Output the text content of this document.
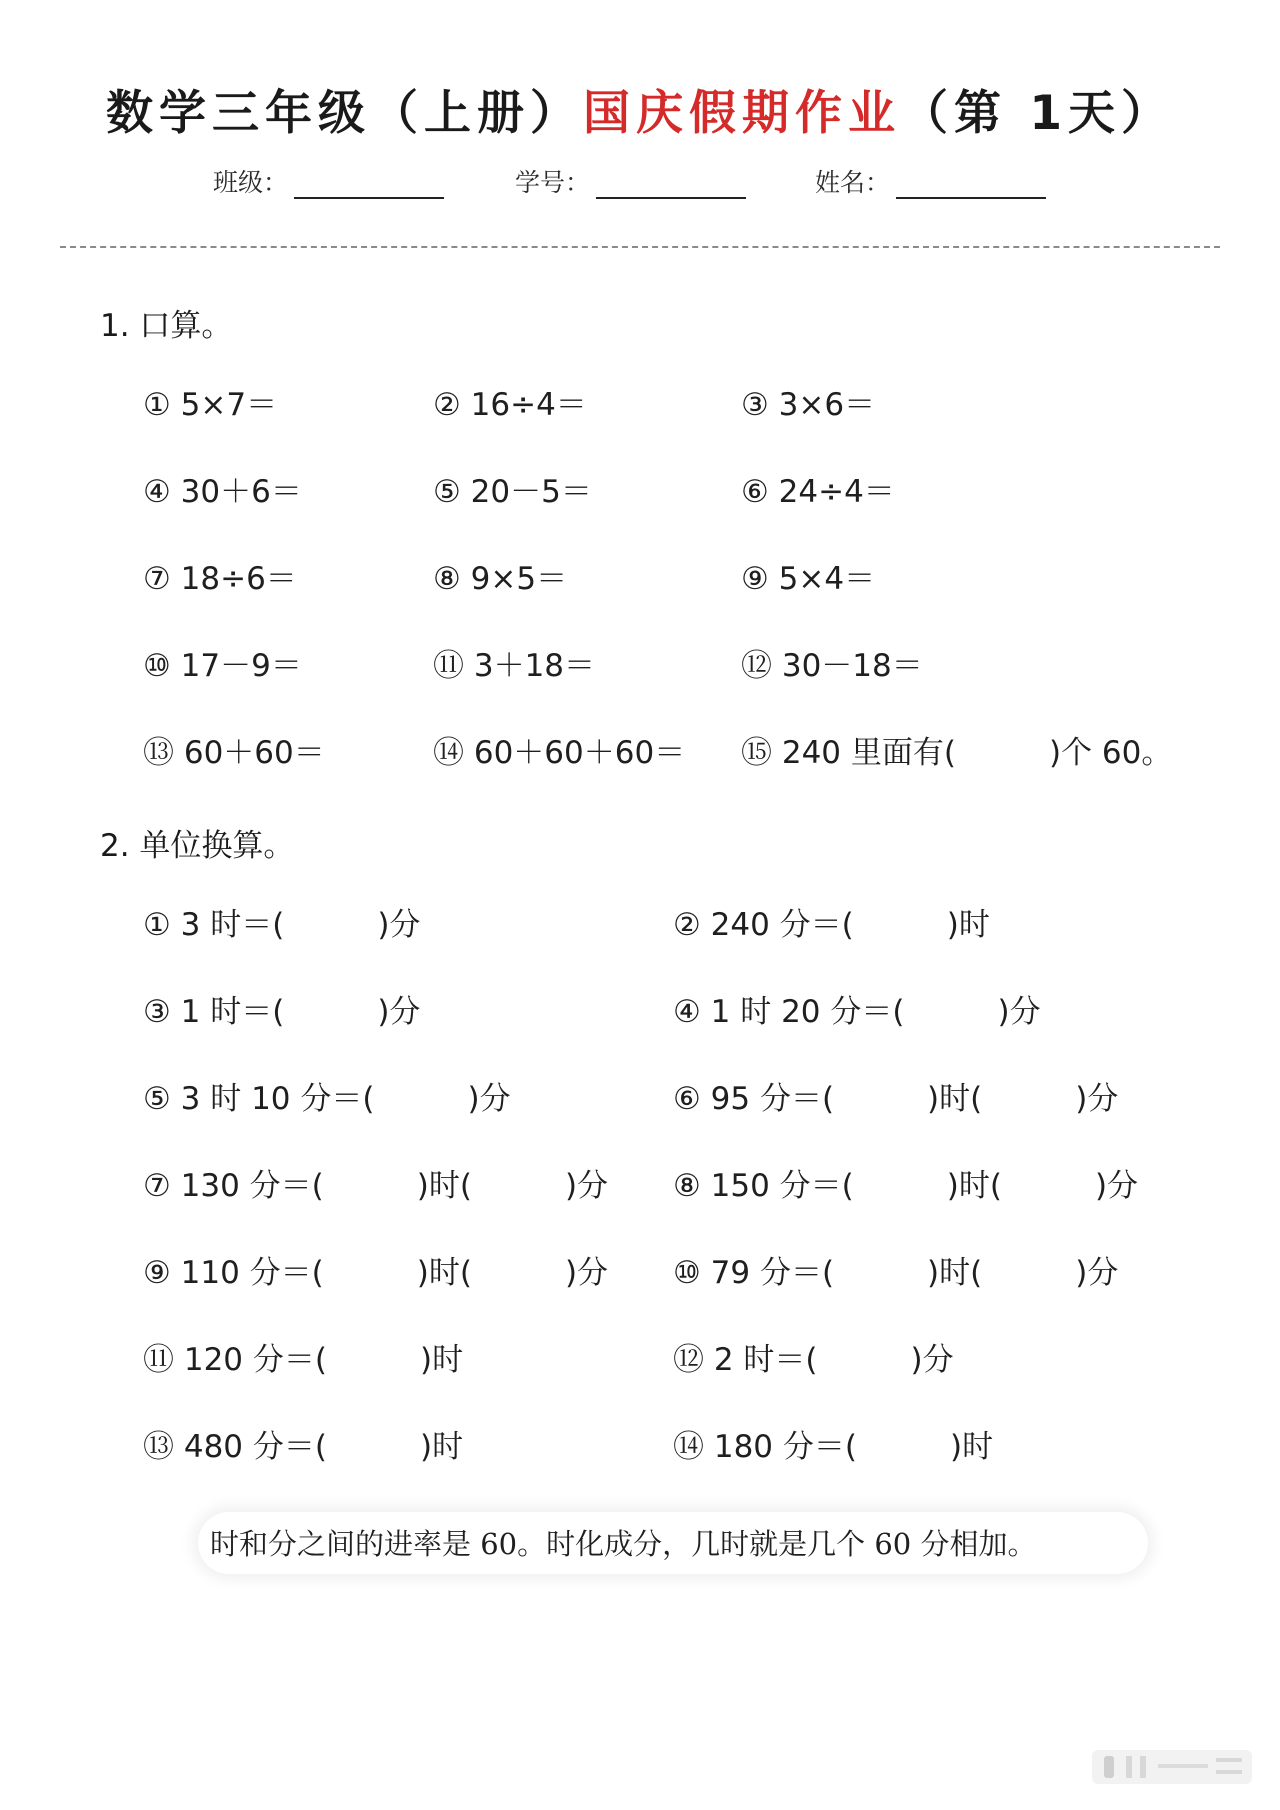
数学三年级（上册）国庆假期作业（第 1天）
班级：	学号：	姓名：
1. 口算。
① 5×7＝	② 16÷4＝	③ 3×6＝
④ 30＋6＝	⑤ 20－5＝	⑥ 24÷4＝
⑦ 18÷6＝	⑧ 9×5＝	⑨ 5×4＝
⑩ 17－9＝	⑪ 3＋18＝	⑫ 30－18＝
⑬ 60＋60＝	⑭ 60＋60＋60＝ ⑮ 240 里面有(　　　)个 60。
2. 单位换算。
① 3 时＝(　　　)分	② 240 分＝(　　　)时
③ 1 时＝(　　　)分	④ 1 时 20 分＝(　　　)分
⑤ 3 时 10 分＝(　　　)分	⑥ 95 分＝(　　　)时(　　　)分
⑦ 130 分＝(　　　)时(　　　)分 ⑧ 150 分＝(　　　)时(　　　)分
⑨ 110 分＝(　　　)时(　　　)分 ⑩ 79 分＝(　　　)时(　　　)分
⑪ 120 分＝(　　　)时	⑫ 2 时＝(　　　)分
⑬ 480 分＝(　　　)时	⑭ 180 分＝(　　　)时
时和分之间的进率是 60。时化成分，几时就是几个 60 分相加。
